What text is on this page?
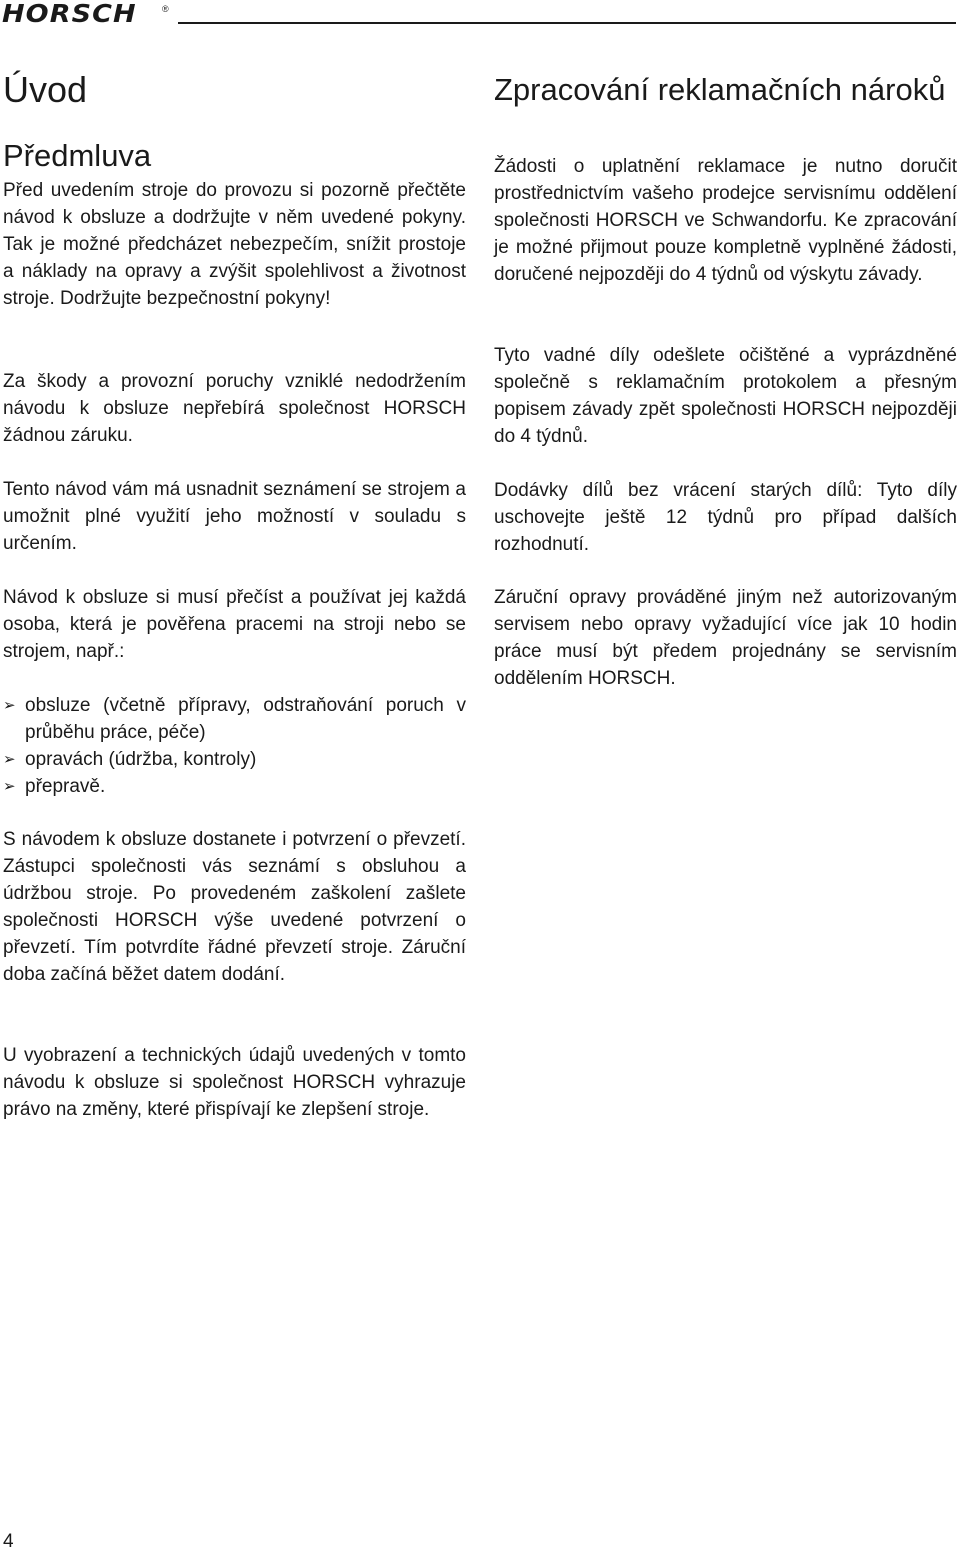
HORSCH	®
Úvod
Předmluva

Před uvedením stroje do provozu si pozorně přečtěte návod k obsluze a dodržujte v něm uvedené pokyny. Tak je možné předcházet nebezpečím, snížit prostoje a náklady na opravy a zvýšit spolehlivost a životnost stroje. Dodržujte bezpečnostní pokyny!

Za škody a provozní poruchy vzniklé nedodržením návodu k obsluze nepřebírá společnost HORSCH žádnou záruku.

Tento návod vám má usnadnit seznámení se strojem a umožnit plné využití jeho možností v souladu s určením.

Návod k obsluze si musí přečíst a používat jej každá osoba, která je pověřena pracemi na stroji nebo se strojem, např.:

➢ obsluze (včetně přípravy, odstraňování poruch v průběhu práce, péče)
➢ opravách (údržba, kontroly)
➢ přepravě.

S návodem k obsluze dostanete i potvrzení o převzetí. Zástupci společnosti vás seznámí s obsluhou a údržbou stroje. Po provedeném zaškolení zašlete společnosti HORSCH výše uvedené potvrzení o převzetí. Tím potvrdíte řádné převzetí stroje. Záruční doba začíná běžet datem dodání.

U vyobrazení a technických údajů uvedených v tomto návodu k obsluze si společnost HORSCH vyhrazuje právo na změny, které přispívají ke zlepšení stroje.

Zpracování reklamačních nároků

Žádosti o uplatnění reklamace je nutno doručit prostřednictvím vašeho prodejce servisnímu oddělení společnosti HORSCH ve Schwandorfu. Ke zpracování je možné přijmout pouze kompletně vyplněné žádosti, doručené nejpozději do 4 týdnů od výskytu závady.

Tyto vadné díly odešlete očištěné a vyprázdněné společně s reklamačním protokolem a přesným popisem závady zpět společnosti HORSCH nejpozději do 4 týdnů.

Dodávky dílů bez vrácení starých dílů: Tyto díly uschovejte ještě 12 týdnů pro případ dalších rozhodnutí.

Záruční opravy prováděné jiným než autorizovaným servisem nebo opravy vyžadující více jak 10 hodin práce musí být předem projednány se servisním oddělením HORSCH.

4
